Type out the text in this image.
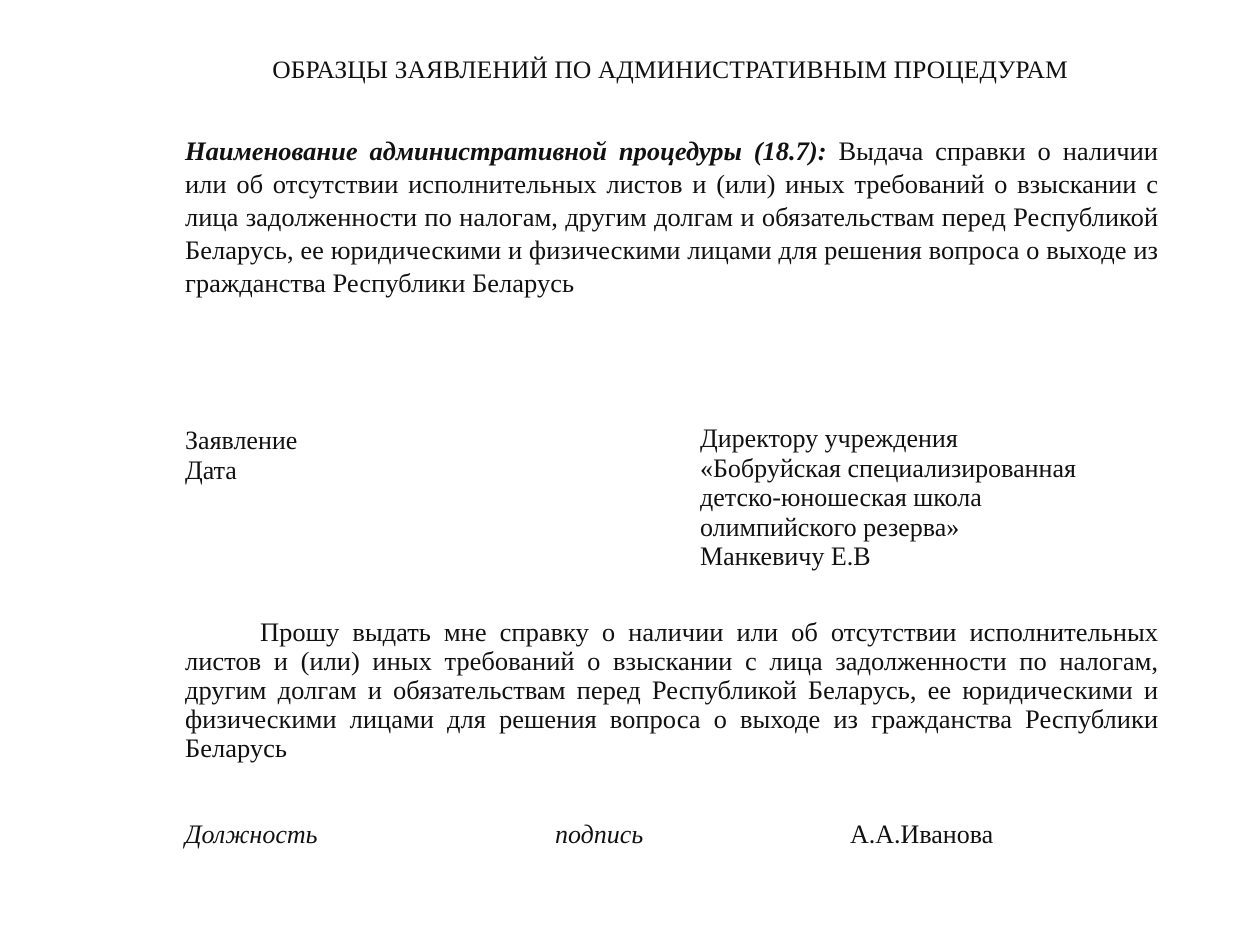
ОБРАЗЦЫ ЗАЯВЛЕНИЙ ПО АДМИНИСТРАТИВНЫМ ПРОЦЕДУРАМ
Наименование административной процедуры (18.7): Выдача справки о наличии или об отсутствии исполнительных листов и (или) иных требований о взыскании с лица задолженности по налогам, другим долгам и обязательствам перед Республикой Беларусь, ее юридическими и физическими лицами для решения вопроса о выходе из гражданства Республики Беларусь
Заявление
Дата
Директору учреждения
«Бобруйская специализированная
детско-юношеская школа
олимпийского резерва»
Манкевичу Е.В
Прошу выдать мне справку о наличии или об отсутствии исполнительных листов и (или) иных требований о взыскании с лица задолженности по налогам, другим долгам и обязательствам перед Республикой Беларусь, ее юридическими и физическими лицами для решения вопроса о выходе из гражданства Республики Беларусь
Должность	подпись	А.А.Иванова
